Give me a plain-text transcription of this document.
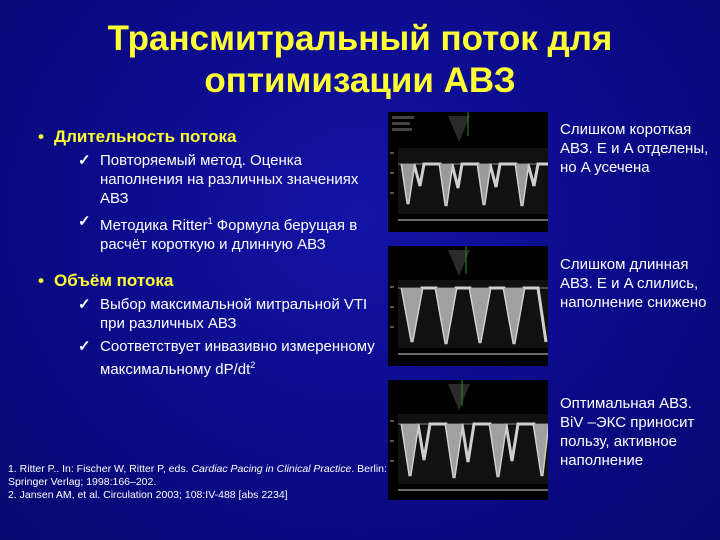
Трансмитральный поток для
оптимизации АВЗ
• Длительность потока
✓ Повторяемый метод. Оценка наполнения на различных значениях АВЗ
✓ Методика Ritter$^1$ Формула берущая в расчёт короткую и длинную АВЗ
• Объём потока
✓ Выбор максимальной митральной VTI при различных АВЗ
✓ Соответствует инвазивно измеренному максимальному $dP/dt^2$
1. Ritter P.. In: Fischer W, Ritter P, eds. Cardiac Pacing in Clinical Practice. Berlin: Springer Verlag; 1998:166–202.
2. Jansen AM, et al. Circulation 2003; 108:IV-488 [abs 2234]
Слишком короткая АВЗ. E и A отделены, но A усечена
Слишком длинная АВЗ. E и A слились, наполнение снижено
Оптимальная АВЗ. BiV –ЭКС приносит пользу, активное наполнение
